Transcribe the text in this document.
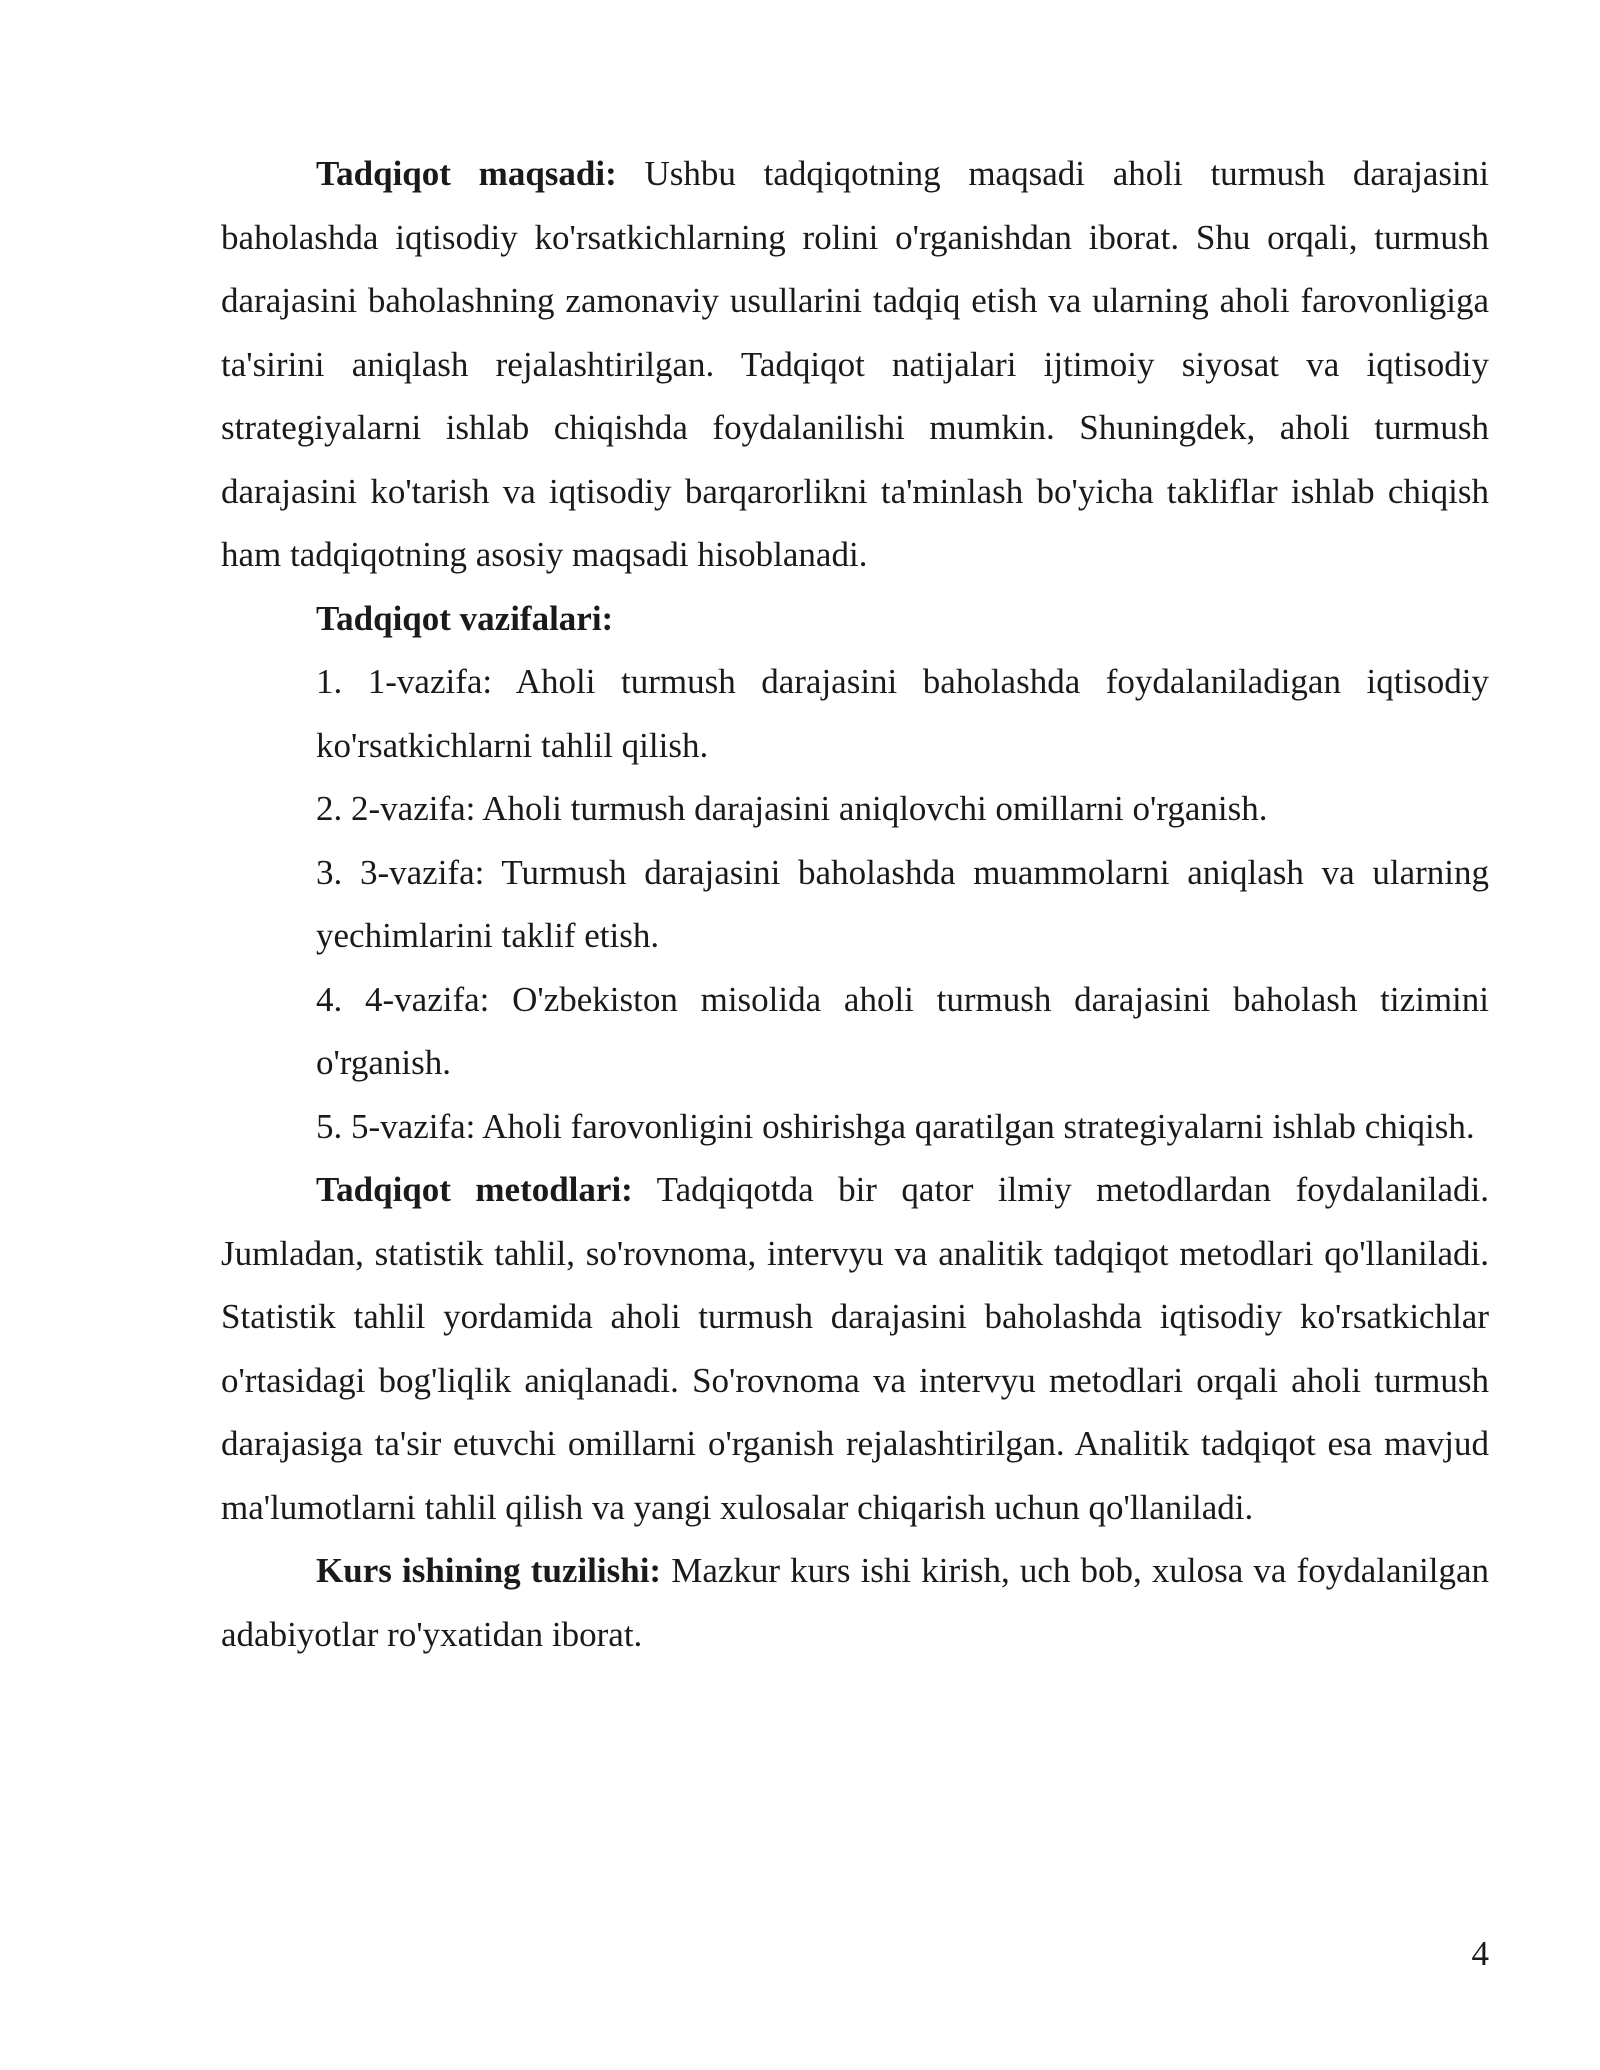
Tadqiqot maqsadi: Ushbu tadqiqotning maqsadi aholi turmush darajasini baholashda iqtisodiy ko'rsatkichlarning rolini o'rganishdan iborat. Shu orqali, turmush darajasini baholashning zamonaviy usullarini tadqiq etish va ularning aholi farovonligiga ta'sirini aniqlash rejalashtirilgan. Tadqiqot natijalari ijtimoiy siyosat va iqtisodiy strategiyalarni ishlab chiqishda foydalanilishi mumkin. Shuningdek, aholi turmush darajasini ko'tarish va iqtisodiy barqarorlikni ta'minlash bo'yicha takliflar ishlab chiqish ham tadqiqotning asosiy maqsadi hisoblanadi.

Tadqiqot vazifalari:

1. 1-vazifa: Aholi turmush darajasini baholashda foydalaniladigan iqtisodiy ko'rsatkichlarni tahlil qilish.
2. 2-vazifa: Aholi turmush darajasini aniqlovchi omillarni o'rganish.
3. 3-vazifa: Turmush darajasini baholashda muammolarni aniqlash va ularning yechimlarini taklif etish.
4. 4-vazifa: O'zbekiston misolida aholi turmush darajasini baholash tizimini o'rganish.
5. 5-vazifa: Aholi farovonligini oshirishga qaratilgan strategiyalarni ishlab chiqish.

Tadqiqot metodlari: Tadqiqotda bir qator ilmiy metodlardan foydalaniladi. Jumladan, statistik tahlil, so'rovnoma, intervyu va analitik tadqiqot metodlari qo'llaniladi. Statistik tahlil yordamida aholi turmush darajasini baholashda iqtisodiy ko'rsatkichlar o'rtasidagi bog'liqlik aniqlanadi. So'rovnoma va intervyu metodlari orqali aholi turmush darajasiga ta'sir etuvchi omillarni o'rganish rejalashtirilgan. Analitik tadqiqot esa mavjud ma'lumotlarni tahlil qilish va yangi xulosalar chiqarish uchun qo'llaniladi.

Kurs ishining tuzilishi: Mazkur kurs ishi kirish, uch bob, xulosa va foydalanilgan adabiyotlar ro'yxatidan iborat.

4
